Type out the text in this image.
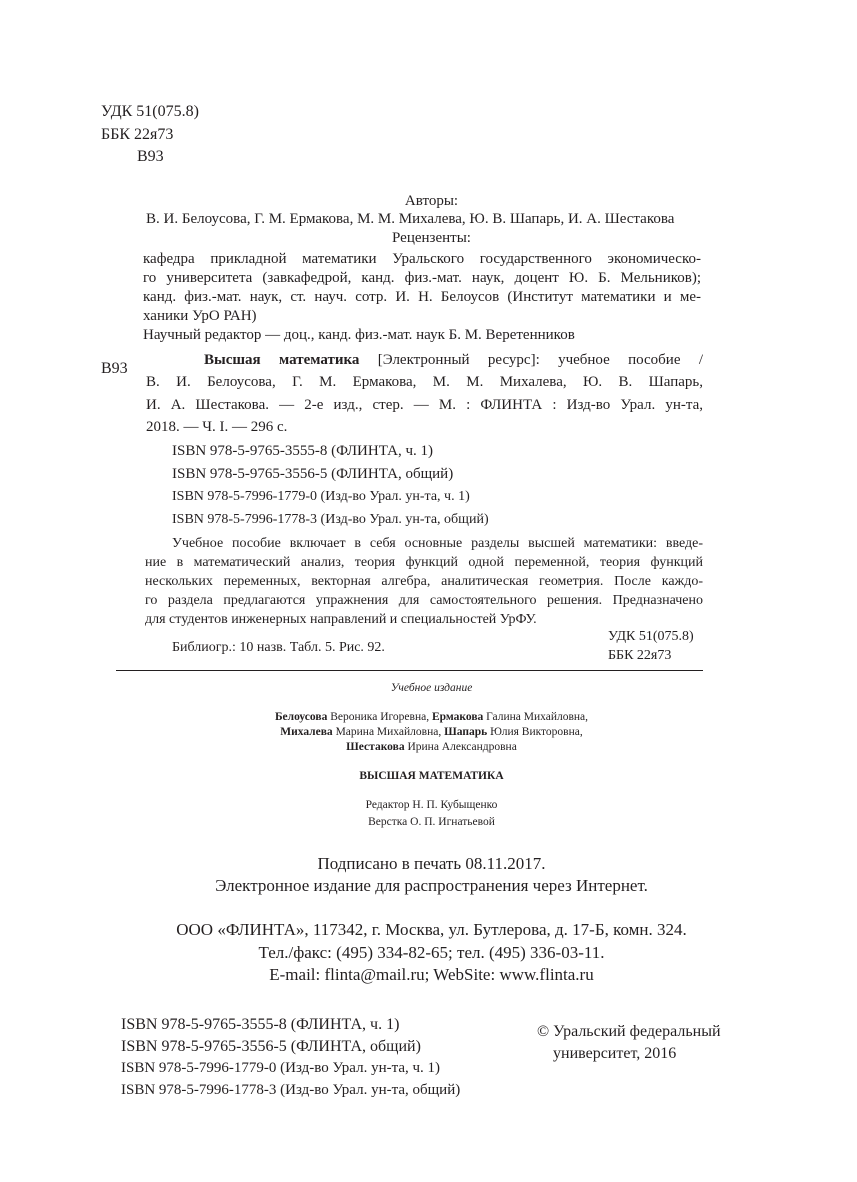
УДК 51(075.8)
ББК 22я73
В93
Авторы:
В. И. Белоусова, Г. М. Ермакова, М. М. Михалева, Ю. В. Шапарь, И. А. Шестакова
Рецензенты:
кафедра прикладной математики Уральского государственного экономическо-
го университета (завкафедрой, канд. физ.-мат. наук, доцент Ю. Б. Мельников);
канд. физ.-мат. наук, ст. науч. сотр. И. Н. Белоусов (Институт математики и ме-
ханики УрО РАН)
Научный редактор — доц., канд. физ.-мат. наук Б. М. Веретенников
В93	Высшая математика [Электронный ресурс]: учебное пособие /
В. И. Белоусова, Г. М. Ермакова, М. М. Михалева, Ю. В. Шапарь,
И. А. Шестакова. — 2-е изд., стер. — М. : ФЛИНТА : Изд-во Урал. ун-та,
2018. — Ч. I. — 296 с.
ISBN 978-5-9765-3555-8 (ФЛИНТА, ч. 1)
ISBN 978-5-9765-3556-5 (ФЛИНТА, общий)
ISBN 978-5-7996-1779-0 (Изд-во Урал. ун-та, ч. 1)
ISBN 978-5-7996-1778-3 (Изд-во Урал. ун-та, общий)
Учебное пособие включает в себя основные разделы высшей математики: введе-
ние в математический анализ, теория функций одной переменной, теория функций
нескольких переменных, векторная алгебра, аналитическая геометрия. После каждо-
го раздела предлагаются упражнения для самостоятельного решения. Предназначено
для студентов инженерных направлений и специальностей УрФУ.
Библиогр.: 10 назв. Табл. 5. Рис. 92.
УДК 51(075.8)
ББК 22я73
Учебное издание
Белоусова Вероника Игоревна, Ермакова Галина Михайловна,
Михалева Марина Михайловна, Шапарь Юлия Викторовна,
Шестакова Ирина Александровна
ВЫСШАЯ МАТЕМАТИКА
Редактор Н. П. Кубыщенко
Верстка О. П. Игнатьевой
Подписано в печать 08.11.2017.
Электронное издание для распространения через Интернет.
ООО «ФЛИНТА», 117342, г. Москва, ул. Бутлерова, д. 17-Б, комн. 324.
Тел./факс: (495) 334-82-65; тел. (495) 336-03-11.
E-mail: flinta@mail.ru; WebSite: www.flinta.ru
ISBN 978-5-9765-3555-8 (ФЛИНТА, ч. 1)
ISBN 978-5-9765-3556-5 (ФЛИНТА, общий)
ISBN 978-5-7996-1779-0 (Изд-во Урал. ун-та, ч. 1)
ISBN 978-5-7996-1778-3 (Изд-во Урал. ун-та, общий)
© Уральский федеральный
университет, 2016
